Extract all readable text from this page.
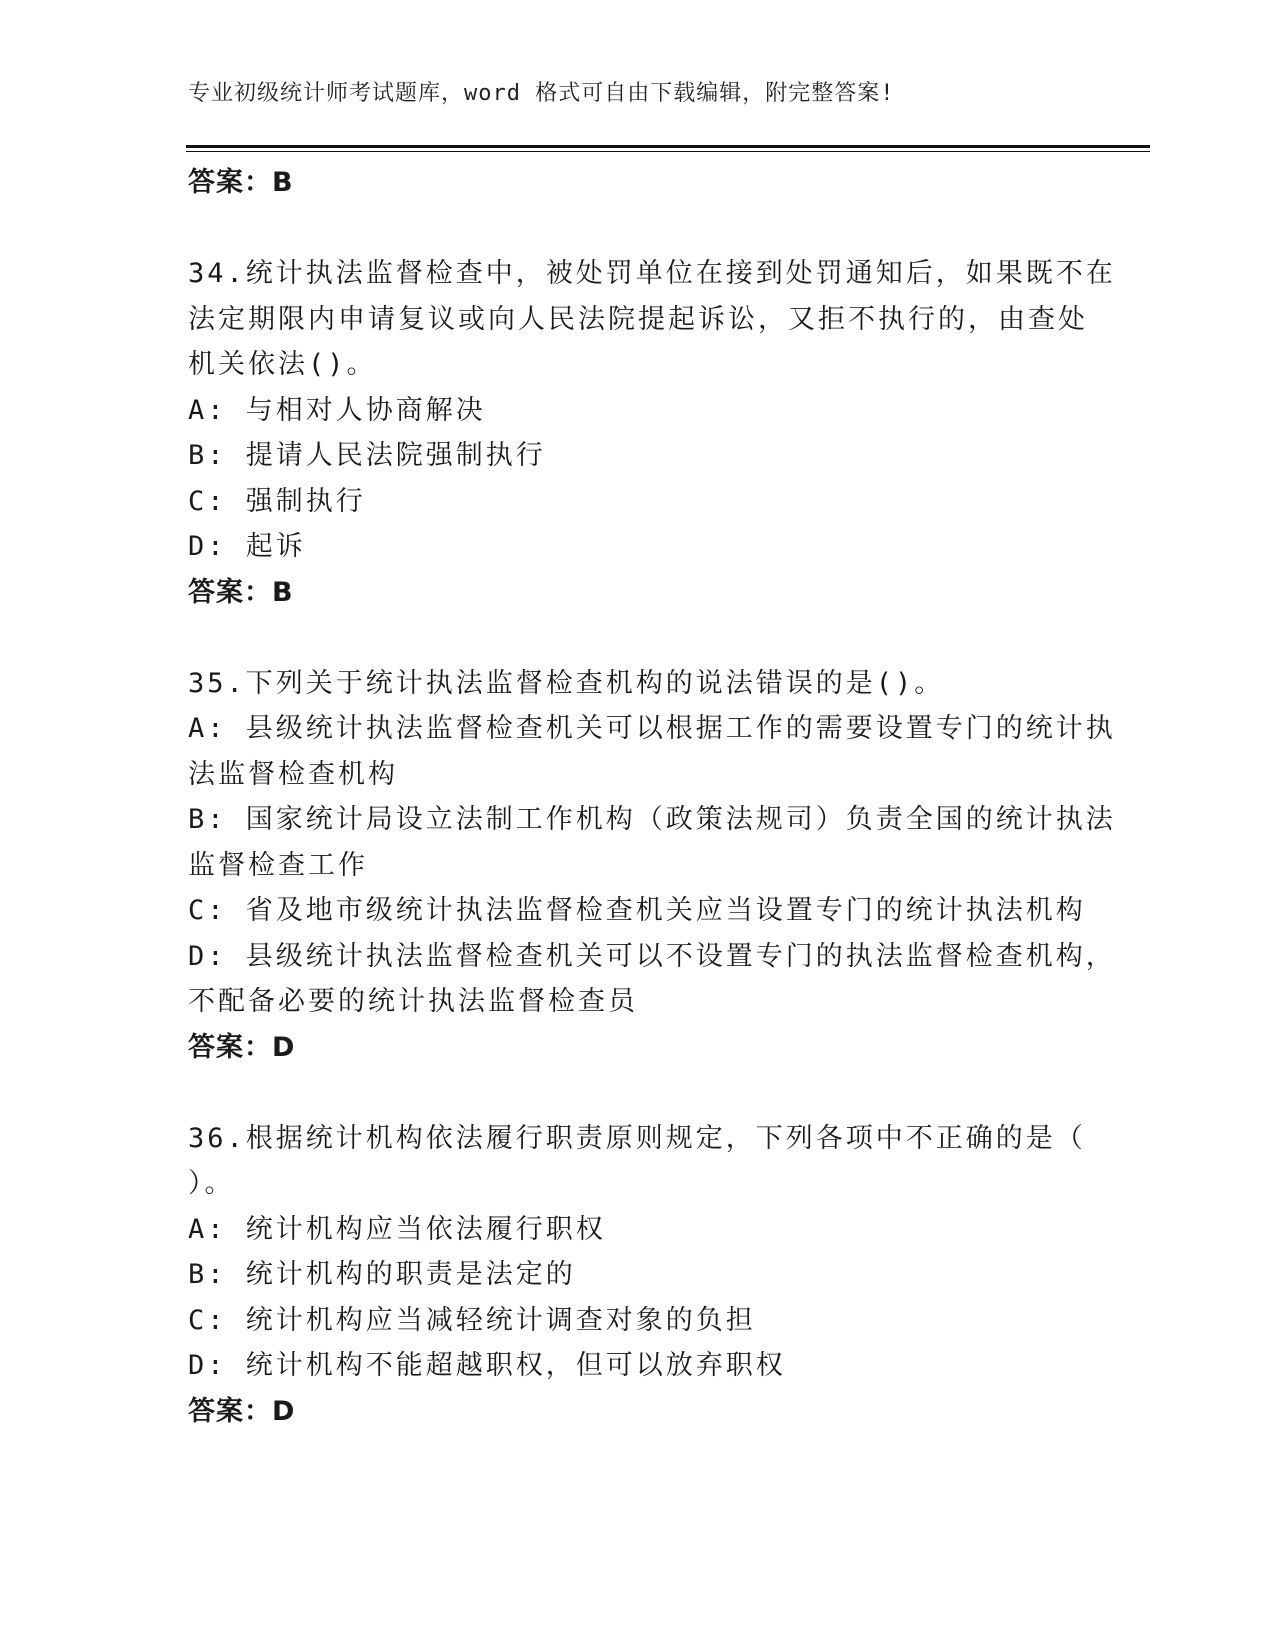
专业初级统计师考试题库，word 格式可自由下载编辑，附完整答案!
答案：B
34.统计执法监督检查中，被处罚单位在接到处罚通知后，如果既不在
法定期限内申请复议或向人民法院提起诉讼，又拒不执行的，由查处
机关依法()。
A: 与相对人协商解决
B: 提请人民法院强制执行
C: 强制执行
D: 起诉
答案：B
35.下列关于统计执法监督检查机构的说法错误的是()。
A: 县级统计执法监督检查机关可以根据工作的需要设置专门的统计执
法监督检查机构
B: 国家统计局设立法制工作机构（政策法规司）负责全国的统计执法
监督检查工作
C: 省及地市级统计执法监督检查机关应当设置专门的统计执法机构
D: 县级统计执法监督检查机关可以不设置专门的执法监督检查机构，
不配备必要的统计执法监督检查员
答案：D
36.根据统计机构依法履行职责原则规定，下列各项中不正确的是（
）。
A: 统计机构应当依法履行职权
B: 统计机构的职责是法定的
C: 统计机构应当减轻统计调查对象的负担
D: 统计机构不能超越职权，但可以放弃职权
答案：D
